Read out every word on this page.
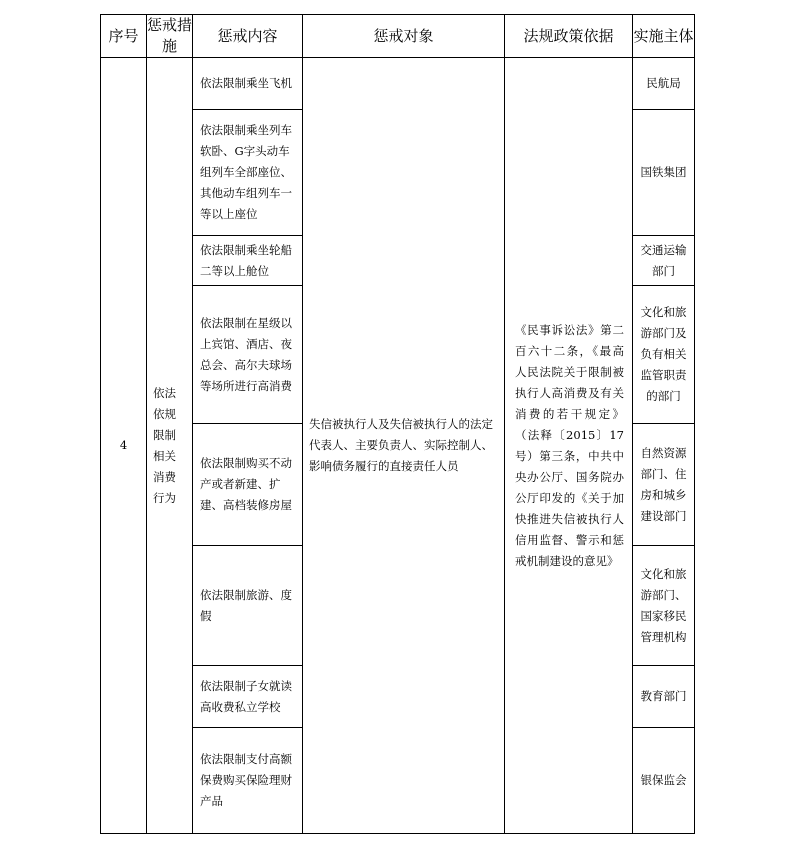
序号	惩戒措施	惩戒内容	惩戒对象	法规政策依据	实施主体
4	依法依规限制相关消费行为	依法限制乘坐飞机	失信被执行人及失信被执行人的法定代表人、主要负责人、实际控制人、影响债务履行的直接责任人员	《民事诉讼法》第二百六十二条，《最高人民法院关于限制被执行人高消费及有关消费的若干规定》（法释〔2015〕17号）第三条，中共中央办公厅、国务院办公厅印发的《关于加快推进失信被执行人信用监督、警示和惩戒机制建设的意见》	民航局
		依法限制乘坐列车软卧、G字头动车组列车全部座位、其他动车组列车一等以上座位			国铁集团
		依法限制乘坐轮船二等以上舱位			交通运输部门
		依法限制在星级以上宾馆、酒店、夜总会、高尔夫球场等场所进行高消费			文化和旅游部门及负有相关监管职责的部门
		依法限制购买不动产或者新建、扩建、高档装修房屋			自然资源部门、住房和城乡建设部门
		依法限制旅游、度假			文化和旅游部门、国家移民管理机构
		依法限制子女就读高收费私立学校			教育部门
		依法限制支付高额保费购买保险理财产品			银保监会
